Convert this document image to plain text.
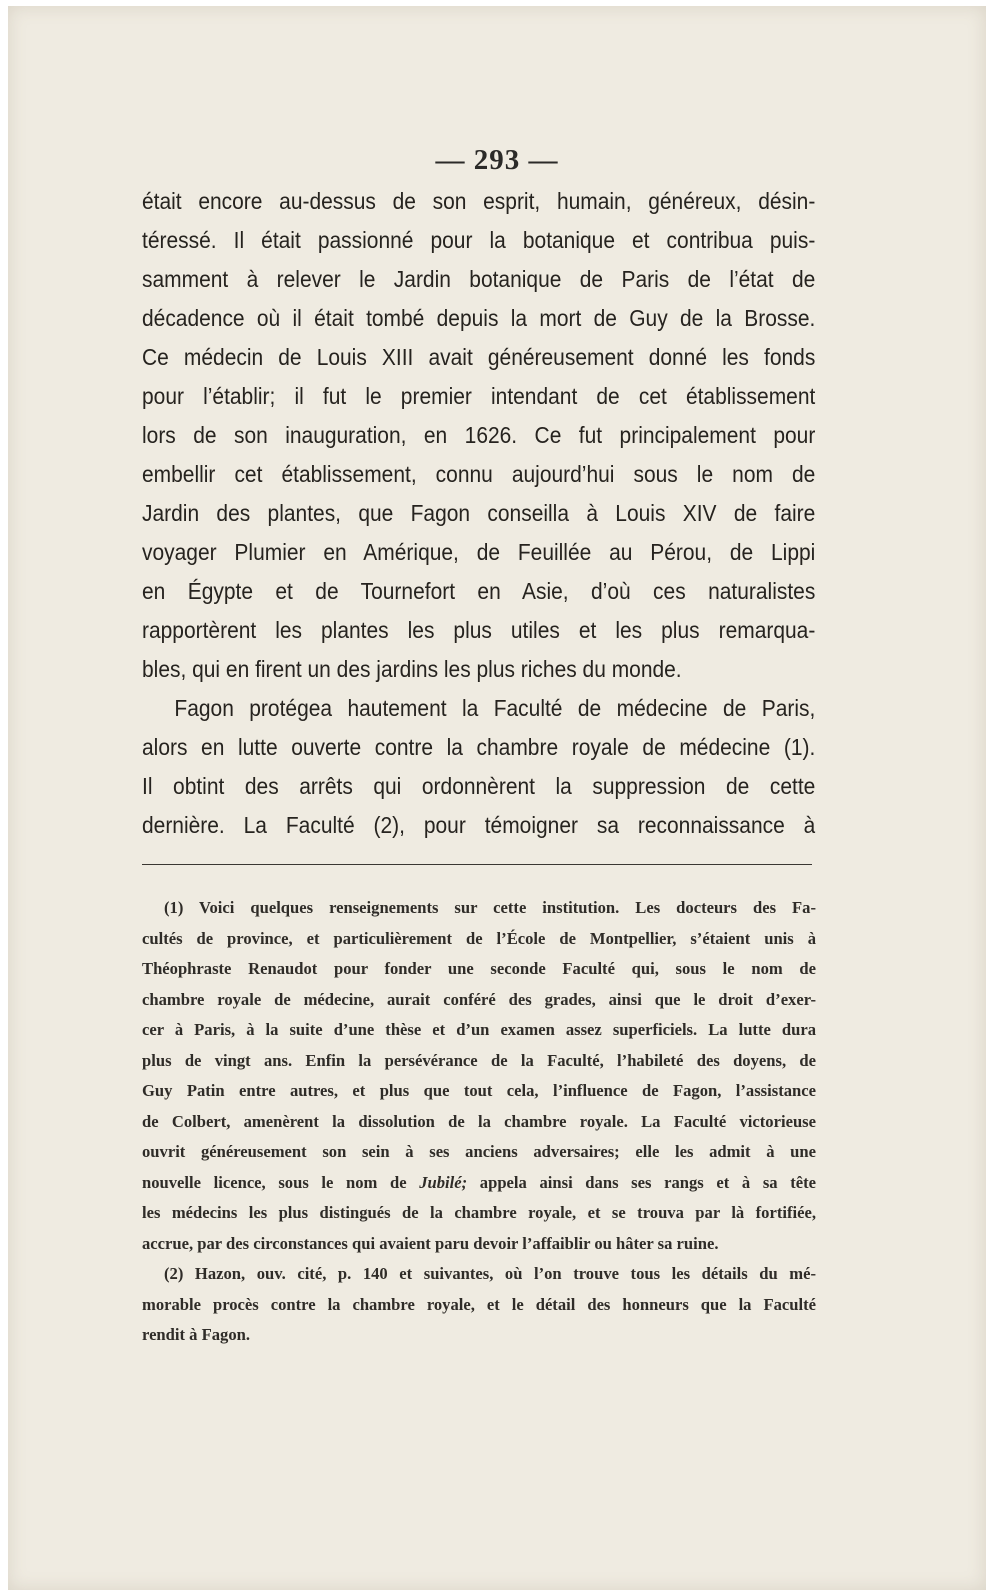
— 293 —
était encore au-dessus de son esprit, humain, généreux, désin-
téressé. Il était passionné pour la botanique et contribua puis-
samment à relever le Jardin botanique de Paris de l’état de
décadence où il était tombé depuis la mort de Guy de la Brosse.
Ce médecin de Louis XIII avait généreusement donné les fonds
pour l’établir; il fut le premier intendant de cet établissement
lors de son inauguration, en 1626. Ce fut principalement pour
embellir cet établissement, connu aujourd’hui sous le nom de
Jardin des plantes, que Fagon conseilla à Louis XIV de faire
voyager Plumier en Amérique, de Feuillée au Pérou, de Lippi
en Égypte et de Tournefort en Asie, d’où ces naturalistes
rapportèrent les plantes les plus utiles et les plus remarqua-
bles, qui en firent un des jardins les plus riches du monde.
Fagon protégea hautement la Faculté de médecine de Paris,
alors en lutte ouverte contre la chambre royale de médecine (1).
Il obtint des arrêts qui ordonnèrent la suppression de cette
dernière. La Faculté (2), pour témoigner sa reconnaissance à
(1) Voici quelques renseignements sur cette institution. Les docteurs des Fa-
cultés de province, et particulièrement de l’École de Montpellier, s’étaient unis à
Théophraste Renaudot pour fonder une seconde Faculté qui, sous le nom de
chambre royale de médecine, aurait conféré des grades, ainsi que le droit d’exer-
cer à Paris, à la suite d’une thèse et d’un examen assez superficiels. La lutte dura
plus de vingt ans. Enfin la persévérance de la Faculté, l’habileté des doyens, de
Guy Patin entre autres, et plus que tout cela, l’influence de Fagon, l’assistance
de Colbert, amenèrent la dissolution de la chambre royale. La Faculté victorieuse
ouvrit généreusement son sein à ses anciens adversaires; elle les admit à une
nouvelle licence, sous le nom de Jubilé; appela ainsi dans ses rangs et à sa tête
les médecins les plus distingués de la chambre royale, et se trouva par là fortifiée,
accrue, par des circonstances qui avaient paru devoir l’affaiblir ou hâter sa ruine.
(2) Hazon, ouv. cité, p. 140 et suivantes, où l’on trouve tous les détails du mé-
morable procès contre la chambre royale, et le détail des honneurs que la Faculté
rendit à Fagon.
